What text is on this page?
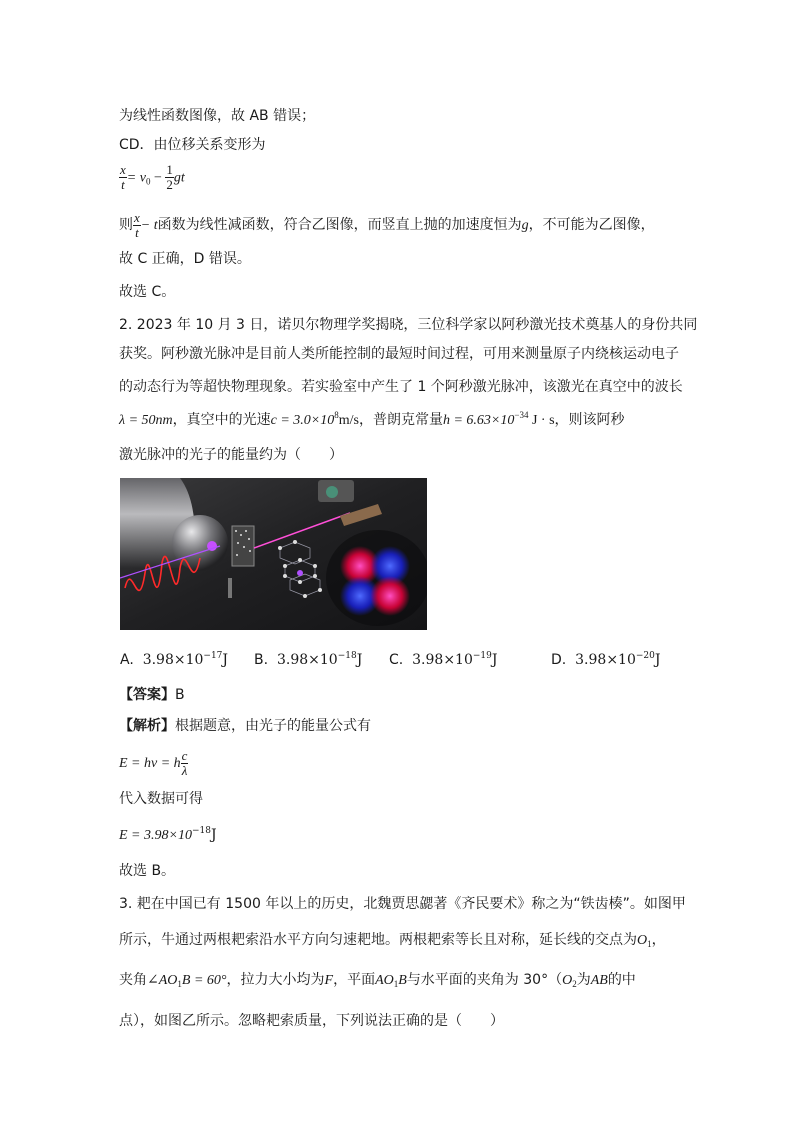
为线性函数图像，故 AB 错误；
CD．由位移关系变形为
$\frac{x}{t} = v_0 - \frac{1}{2}$ gt
则 $\frac{x}{t} - t$函数为线性减函数，符合乙图像，而竖直上抛的加速度恒为g，不可能为乙图像，
故 C 正确，D 错误。
故选 C。
2. 2023 年 10 月 3 日，诺贝尔物理学奖揭晓，三位科学家以阿秒激光技术奠基人的身份共同
获奖。阿秒激光脉冲是目前人类所能控制的最短时间过程，可用来测量原子内绕核运动电子
的动态行为等超快物理现象。若实验室中产生了 1 个阿秒激光脉冲，该激光在真空中的波长
λ = 50nm，真空中的光速$c = 3.0\times 10^8m/s$，普朗克常量$h = 6.63\times 10^{-34}$ J · s，则该阿秒
激光脉冲的光子的能量约为（　　）
A. $3.98\times 10^{-17}J$ B. $3.98\times 10^{-18}J$ C. $3.98\times 10^{-19}J$	D. $3.98\times 10^{-20}J$
【答案】B
【解析】根据题意，由光子的能量公式有
E = hν = h $\frac{c}{\lambda}$
代入数据可得
$E = 3.98\times 10^{-18}J$
故选 B。
3. 耙在中国已有 1500 年以上的历史，北魏贾思勰著《齐民要术》称之为“铁齿楱”。如图甲
所示，牛通过两根耙索沿水平方向匀速耙地。两根耙索等长且对称，延长线的交点为$O_1$，
夹角$\angle AO_1B = 60^\circ$，拉力大小均为F，平面$AO_1B$与水平面的夹角为 $30^\circ(O_2$为AB的中
点），如图乙所示。忽略耙索质量，下列说法正确的是（　　）
